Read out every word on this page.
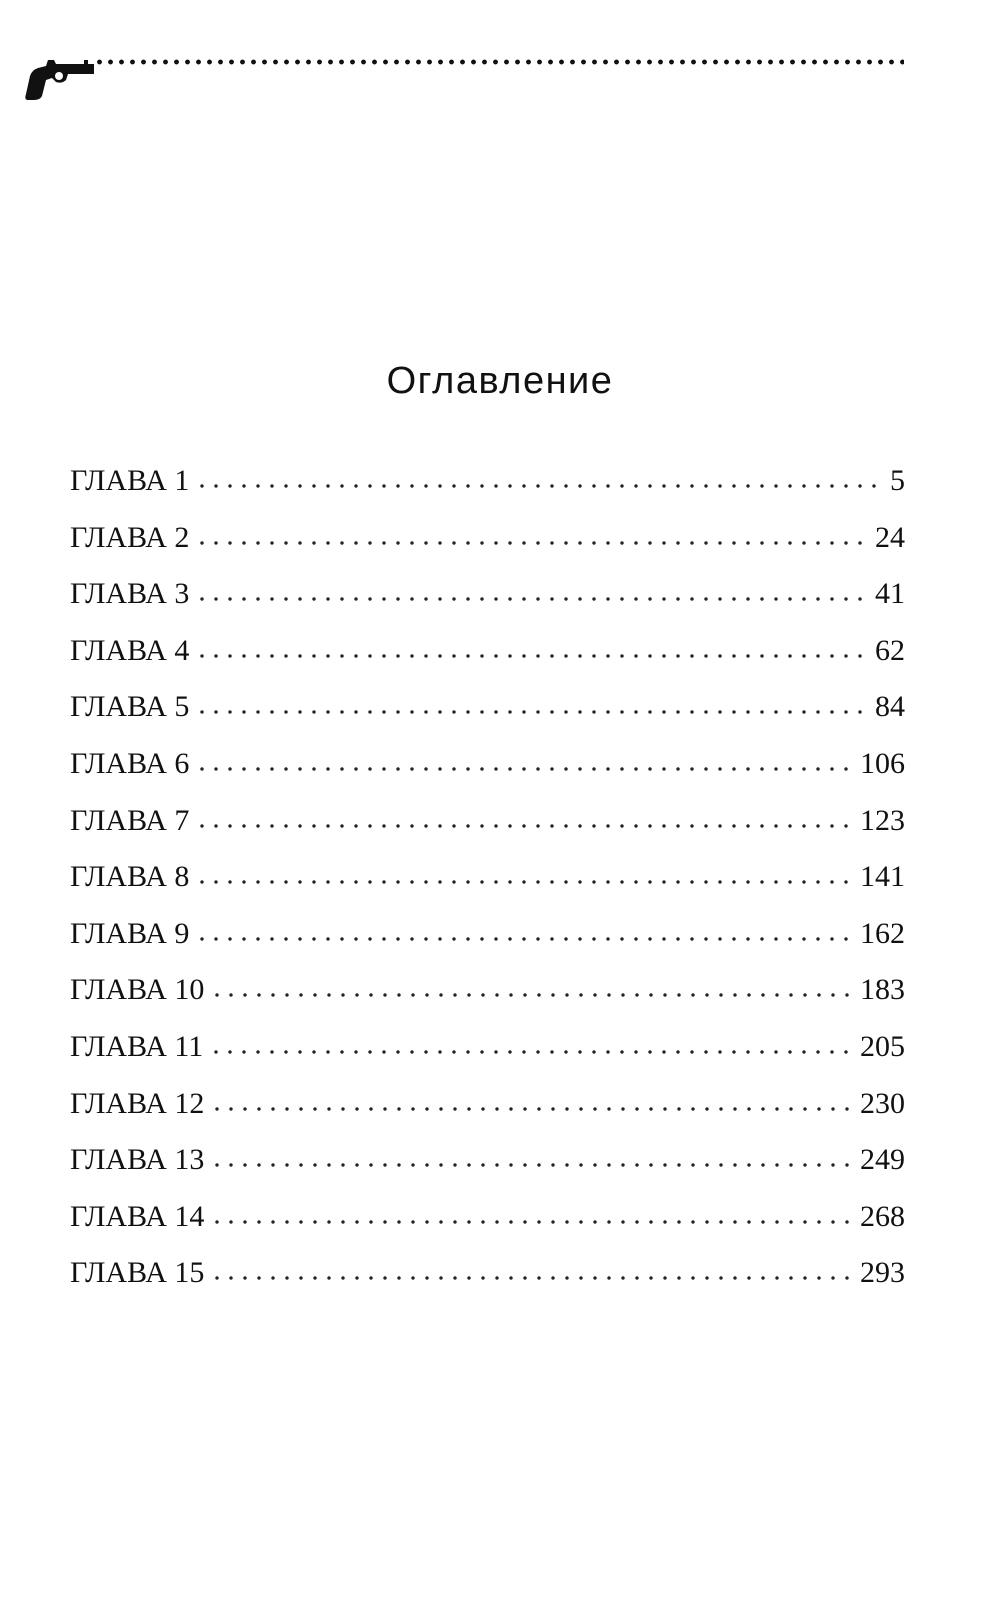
Оглавление
ГЛАВА 1	5
ГЛАВА 2	24
ГЛАВА 3	41
ГЛАВА 4	62
ГЛАВА 5	84
ГЛАВА 6	106
ГЛАВА 7	123
ГЛАВА 8	141
ГЛАВА 9	162
ГЛАВА 10	183
ГЛАВА 11	205
ГЛАВА 12	230
ГЛАВА 13	249
ГЛАВА 14	268
ГЛАВА 15	293
